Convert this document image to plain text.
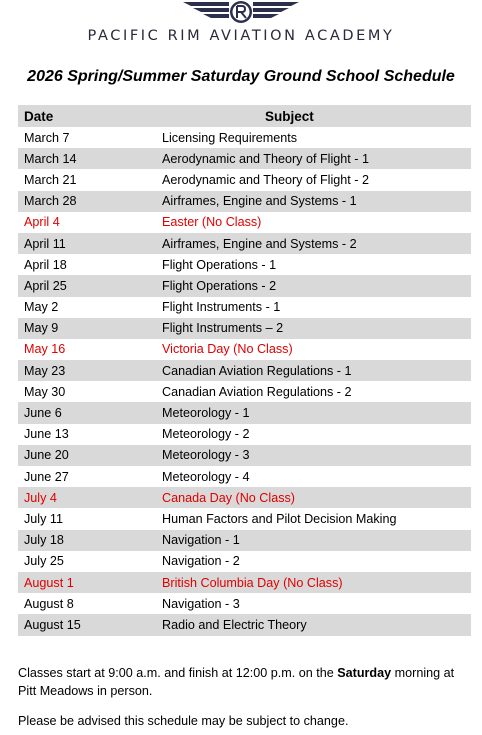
PACIFIC RIM AVIATION ACADEMY
2026 Spring/Summer Saturday Ground School Schedule
Date	Subject
March 7	Licensing Requirements
March 14	Aerodynamic and Theory of Flight - 1
March 21	Aerodynamic and Theory of Flight - 2
March 28	Airframes, Engine and Systems - 1
April 4	Easter (No Class)
April 11	Airframes, Engine and Systems - 2
April 18	Flight Operations - 1
April 25	Flight Operations - 2
May 2	Flight Instruments - 1
May 9	Flight Instruments – 2
May 16	Victoria Day (No Class)
May 23	Canadian Aviation Regulations - 1
May 30	Canadian Aviation Regulations - 2
June 6	Meteorology - 1
June 13	Meteorology - 2
June 20	Meteorology - 3
June 27	Meteorology - 4
July 4	Canada Day (No Class)
July 11	Human Factors and Pilot Decision Making
July 18	Navigation - 1
July 25	Navigation - 2
August 1	British Columbia Day (No Class)
August 8	Navigation - 3
August 15	Radio and Electric Theory
Classes start at 9:00 a.m. and finish at 12:00 p.m. on the Saturday morning at Pitt Meadows in person.
Please be advised this schedule may be subject to change.
